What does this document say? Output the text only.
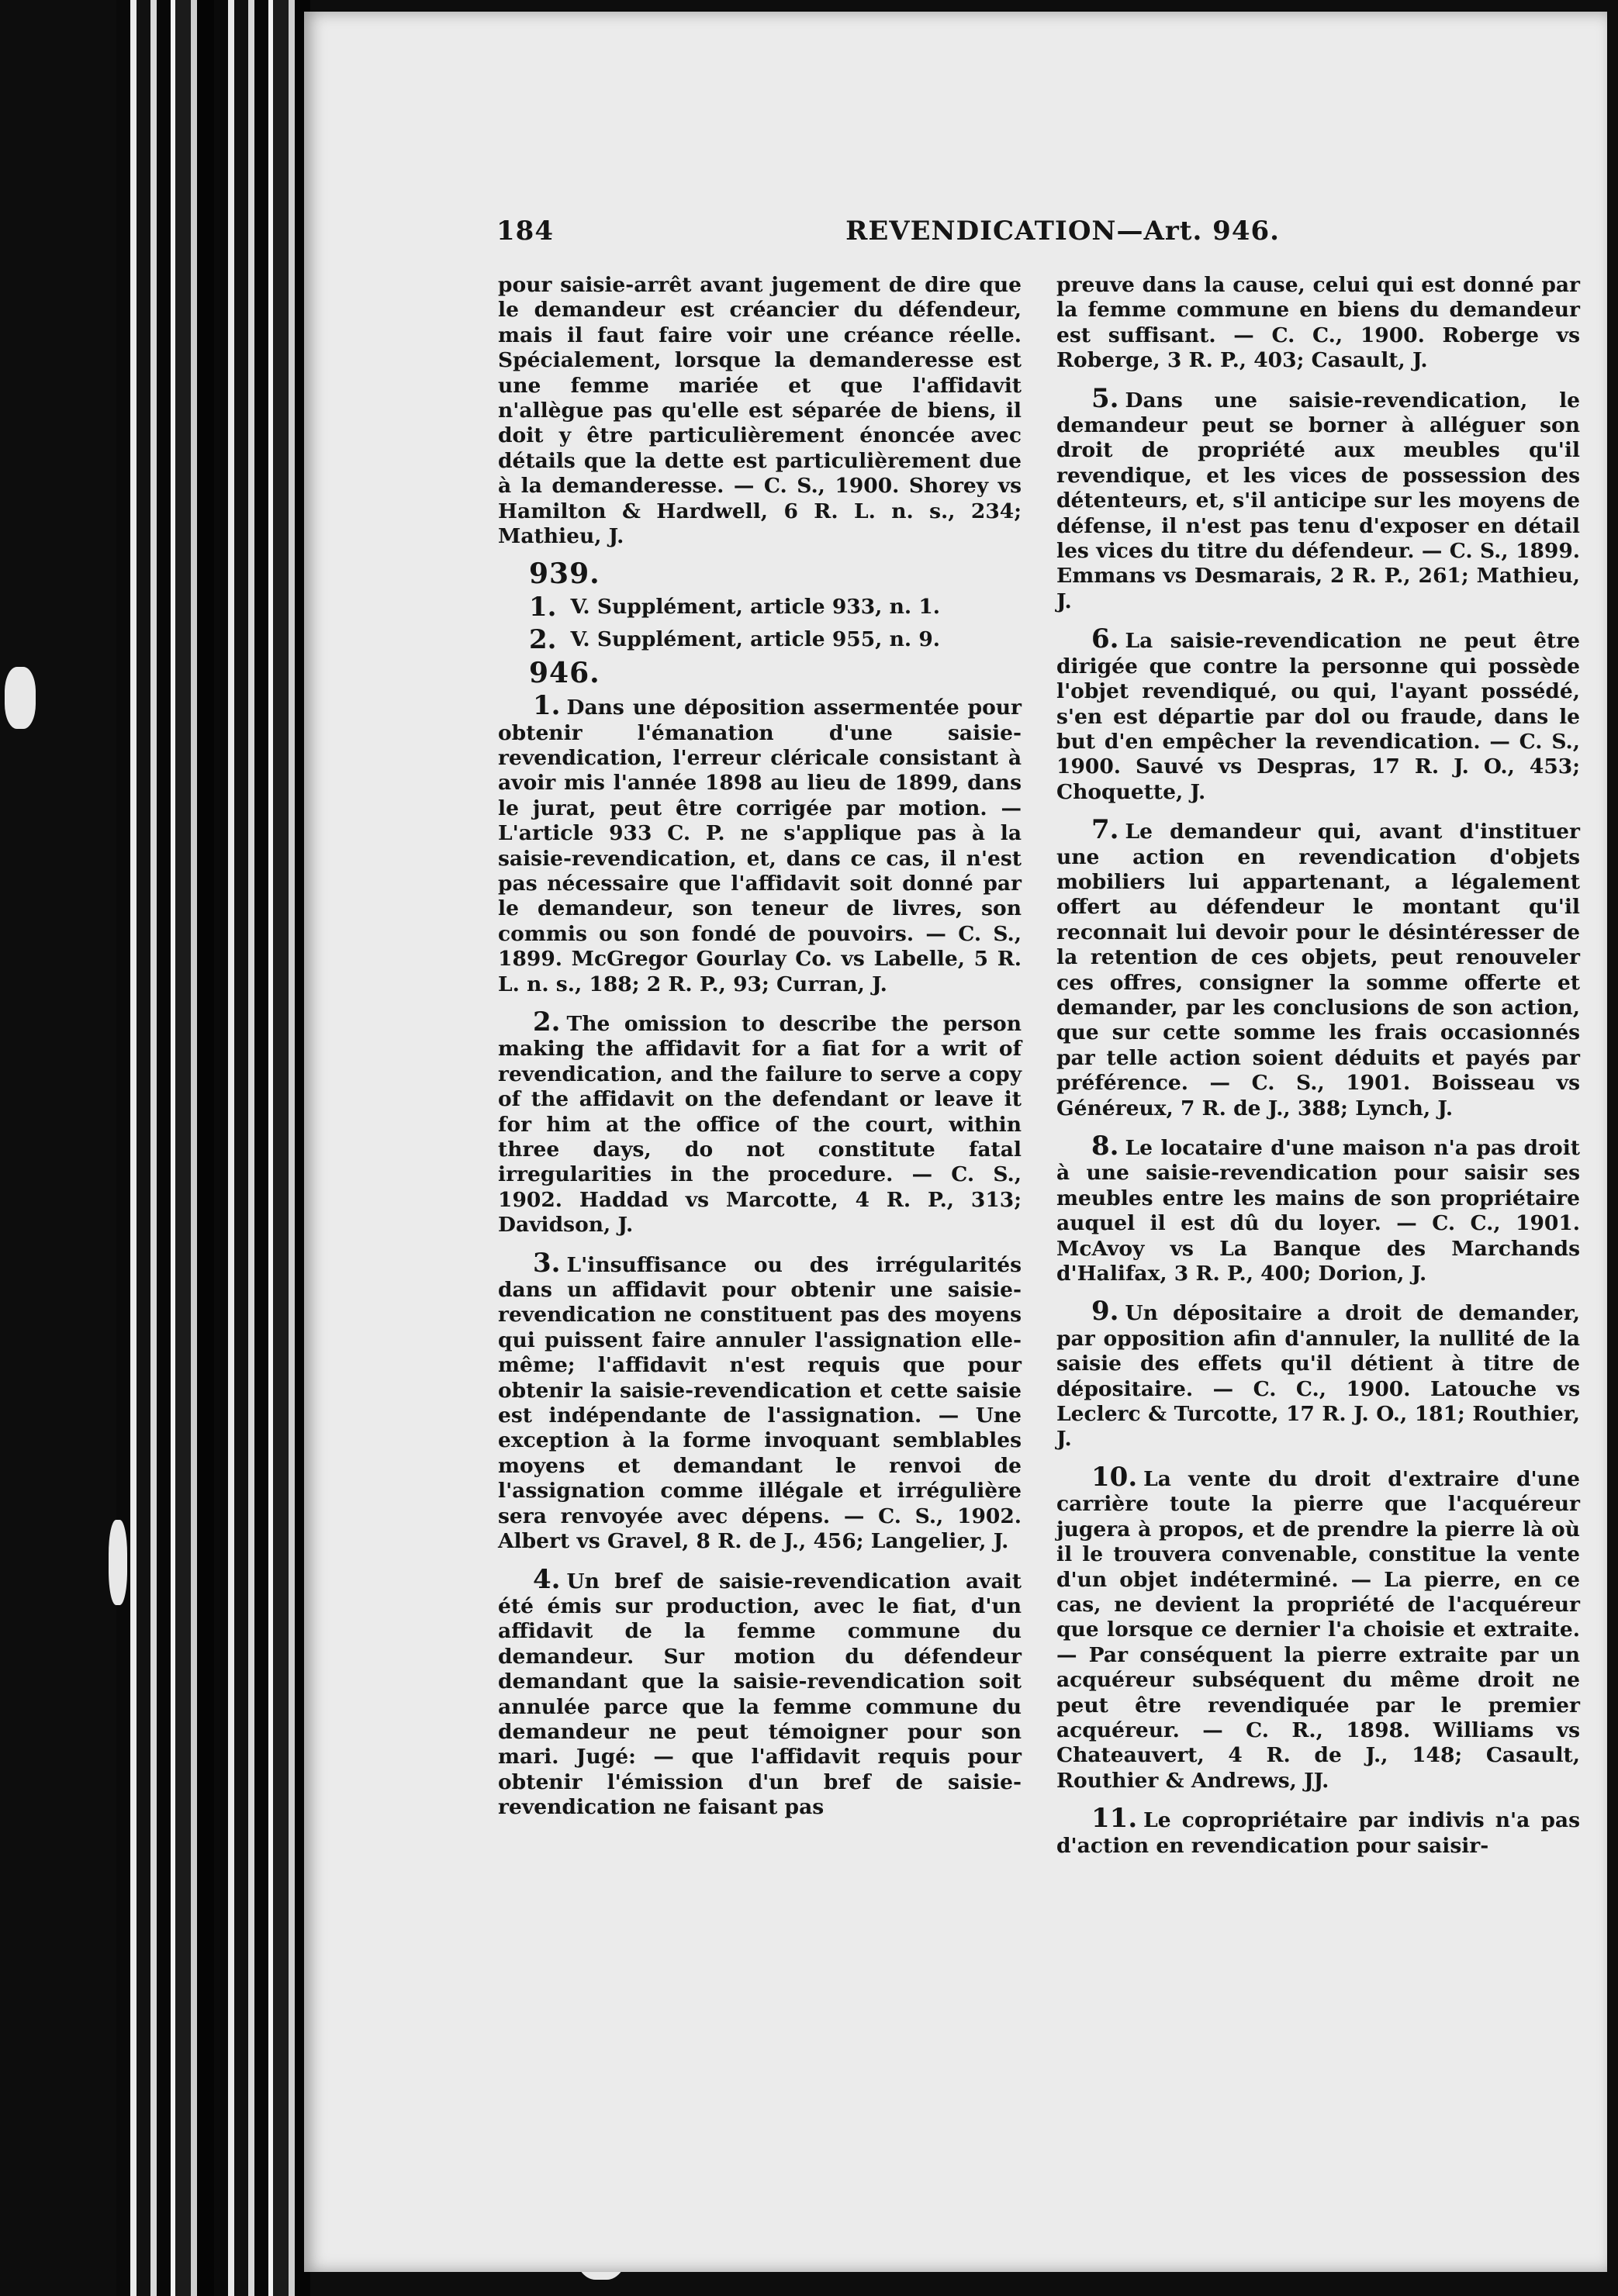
184	REVENDICATION—Art. 946.

pour saisie-arrêt avant jugement de dire que le demandeur est créancier du défendeur, mais il faut faire voir une créance réelle. Spécialement, lorsque la demanderesse est une femme mariée et que l'affidavit n'allègue pas qu'elle est séparée de biens, il doit y être particulièrement énoncée avec détails que la dette est particulièrement due à la demanderesse. — C. S., 1900. Shorey vs Hamilton & Hardwell, 6 R. L. n. s., 234; Mathieu, J.

939.
1. V. Supplément, article 933, n. 1.
2. V. Supplément, article 955, n. 9.
946.

1. Dans une déposition assermentée pour obtenir l'émanation d'une saisie-revendication, l'erreur cléricale consistant à avoir mis l'année 1898 au lieu de 1899, dans le jurat, peut être corrigée par motion. — L'article 933 C. P. ne s'applique pas à la saisie-revendication, et, dans ce cas, il n'est pas nécessaire que l'affidavit soit donné par le demandeur, son teneur de livres, son commis ou son fondé de pouvoirs. — C. S., 1899. McGregor Gourlay Co. vs Labelle, 5 R. L. n. s., 188; 2 R. P., 93; Curran, J.

2. The omission to describe the person making the affidavit for a fiat for a writ of revendication, and the failure to serve a copy of the affidavit on the defendant or leave it for him at the office of the court, within three days, do not constitute fatal irregularities in the procedure. — C. S., 1902. Haddad vs Marcotte, 4 R. P., 313; Davidson, J.

3. L'insuffisance ou des irrégularités dans un affidavit pour obtenir une saisie-revendication ne constituent pas des moyens qui puissent faire annuler l'assignation elle-même; l'affidavit n'est requis que pour obtenir la saisie-revendication et cette saisie est indépendante de l'assignation. — Une exception à la forme invoquant semblables moyens et demandant le renvoi de l'assignation comme illégale et irrégulière sera renvoyée avec dépens. — C. S., 1902. Albert vs Gravel, 8 R. de J., 456; Langelier, J.

4. Un bref de saisie-revendication avait été émis sur production, avec le fiat, d'un affidavit de la femme commune du demandeur. Sur motion du défendeur demandant que la saisie-revendication soit annulée parce que la femme commune du demandeur ne peut témoigner pour son mari. Jugé: — que l'affidavit requis pour obtenir l'émission d'un bref de saisie-revendication ne faisant pas

preuve dans la cause, celui qui est donné par la femme commune en biens du demandeur est suffisant. — C. C., 1900. Roberge vs Roberge, 3 R. P., 403; Casault, J.

5. Dans une saisie-revendication, le demandeur peut se borner à alléguer son droit de propriété aux meubles qu'il revendique, et les vices de possession des détenteurs, et, s'il anticipe sur les moyens de défense, il n'est pas tenu d'exposer en détail les vices du titre du défendeur. — C. S., 1899. Emmans vs Desmarais, 2 R. P., 261; Mathieu, J.

6. La saisie-revendication ne peut être dirigée que contre la personne qui possède l'objet revendiqué, ou qui, l'ayant possédé, s'en est départie par dol ou fraude, dans le but d'en empêcher la revendication. — C. S., 1900. Sauvé vs Despras, 17 R. J. O., 453; Choquette, J.

7. Le demandeur qui, avant d'instituer une action en revendication d'objets mobiliers lui appartenant, a légalement offert au défendeur le montant qu'il reconnait lui devoir pour le désintéresser de la retention de ces objets, peut renouveler ces offres, consigner la somme offerte et demander, par les conclusions de son action, que sur cette somme les frais occasionnés par telle action soient déduits et payés par préférence. — C. S., 1901. Boisseau vs Généreux, 7 R. de J., 388; Lynch, J.

8. Le locataire d'une maison n'a pas droit à une saisie-revendication pour saisir ses meubles entre les mains de son propriétaire auquel il est dû du loyer. — C. C., 1901. McAvoy vs La Banque des Marchands d'Halifax, 3 R. P., 400; Dorion, J.

9. Un dépositaire a droit de demander, par opposition afin d'annuler, la nullité de la saisie des effets qu'il détient à titre de dépositaire. — C. C., 1900. Latouche vs Leclerc & Turcotte, 17 R. J. O., 181; Routhier, J.

10. La vente du droit d'extraire d'une carrière toute la pierre que l'acquéreur jugera à propos, et de prendre la pierre là où il le trouvera convenable, constitue la vente d'un objet indéterminé. — La pierre, en ce cas, ne devient la propriété de l'acquéreur que lorsque ce dernier l'a choisie et extraite. — Par conséquent la pierre extraite par un acquéreur subséquent du même droit ne peut être revendiquée par le premier acquéreur. — C. R., 1898. Williams vs Chateauvert, 4 R. de J., 148; Casault, Routhier & Andrews, JJ.

11. Le copropriétaire par indivis n'a pas d'action en revendication pour saisir-
